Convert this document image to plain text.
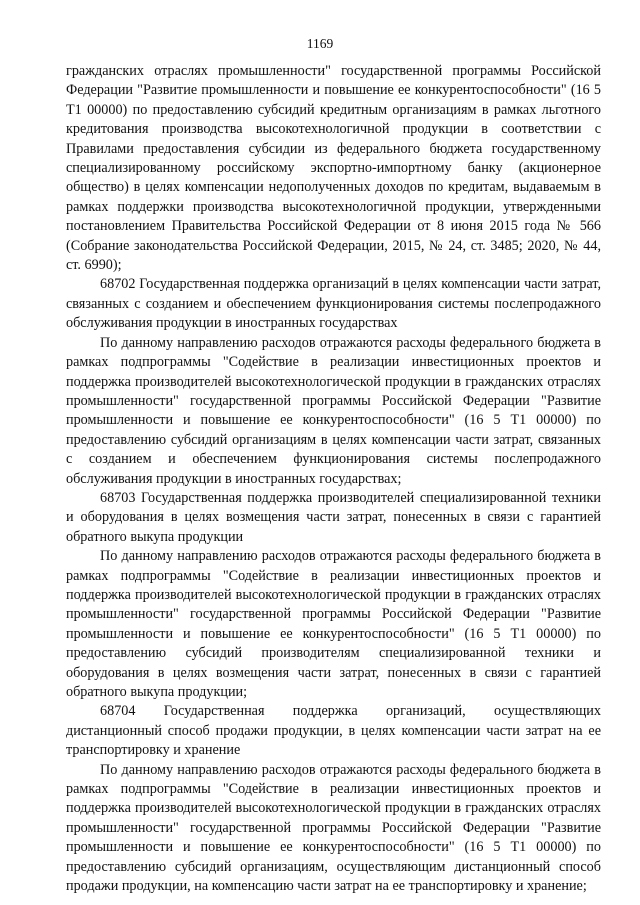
1169

гражданских отраслях промышленности" государственной программы Российской Федерации "Развитие промышленности и повышение ее конкурентоспособности" (16 5 Т1 00000) по предоставлению субсидий кредитным организациям в рамках льготного кредитования производства высокотехнологичной продукции в соответствии с Правилами предоставления субсидии из федерального бюджета государственному специализированному российскому экспортно-импортному банку (акционерное общество) в целях компенсации недополученных доходов по кредитам, выдаваемым в рамках поддержки производства высокотехнологичной продукции, утвержденными постановлением Правительства Российской Федерации от 8 июня 2015 года № 566 (Собрание законодательства Российской Федерации, 2015, № 24, ст. 3485; 2020, № 44, ст. 6990);

68702 Государственная поддержка организаций в целях компенсации части затрат, связанных с созданием и обеспечением функционирования системы послепродажного обслуживания продукции в иностранных государствах

По данному направлению расходов отражаются расходы федерального бюджета в рамках подпрограммы "Содействие в реализации инвестиционных проектов и поддержка производителей высокотехнологической продукции в гражданских отраслях промышленности" государственной программы Российской Федерации "Развитие промышленности и повышение ее конкурентоспособности" (16 5 Т1 00000) по предоставлению субсидий организациям в целях компенсации части затрат, связанных с созданием и обеспечением функционирования системы послепродажного обслуживания продукции в иностранных государствах;

68703 Государственная поддержка производителей специализированной техники и оборудования в целях возмещения части затрат, понесенных в связи с гарантией обратного выкупа продукции

По данному направлению расходов отражаются расходы федерального бюджета в рамках подпрограммы "Содействие в реализации инвестиционных проектов и поддержка производителей высокотехнологической продукции в гражданских отраслях промышленности" государственной программы Российской Федерации "Развитие промышленности и повышение ее конкурентоспособности" (16 5 Т1 00000) по предоставлению субсидий производителям специализированной техники и оборудования в целях возмещения части затрат, понесенных в связи с гарантией обратного выкупа продукции;

68704 Государственная поддержка организаций, осуществляющих дистанционный способ продажи продукции, в целях компенсации части затрат на ее транспортировку и хранение

По данному направлению расходов отражаются расходы федерального бюджета в рамках подпрограммы "Содействие в реализации инвестиционных проектов и поддержка производителей высокотехнологической продукции в гражданских отраслях промышленности" государственной программы Российской Федерации "Развитие промышленности и повышение ее конкурентоспособности" (16 5 Т1 00000) по предоставлению субсидий организациям, осуществляющим дистанционный способ продажи продукции, на компенсацию части затрат на ее транспортировку и хранение;
